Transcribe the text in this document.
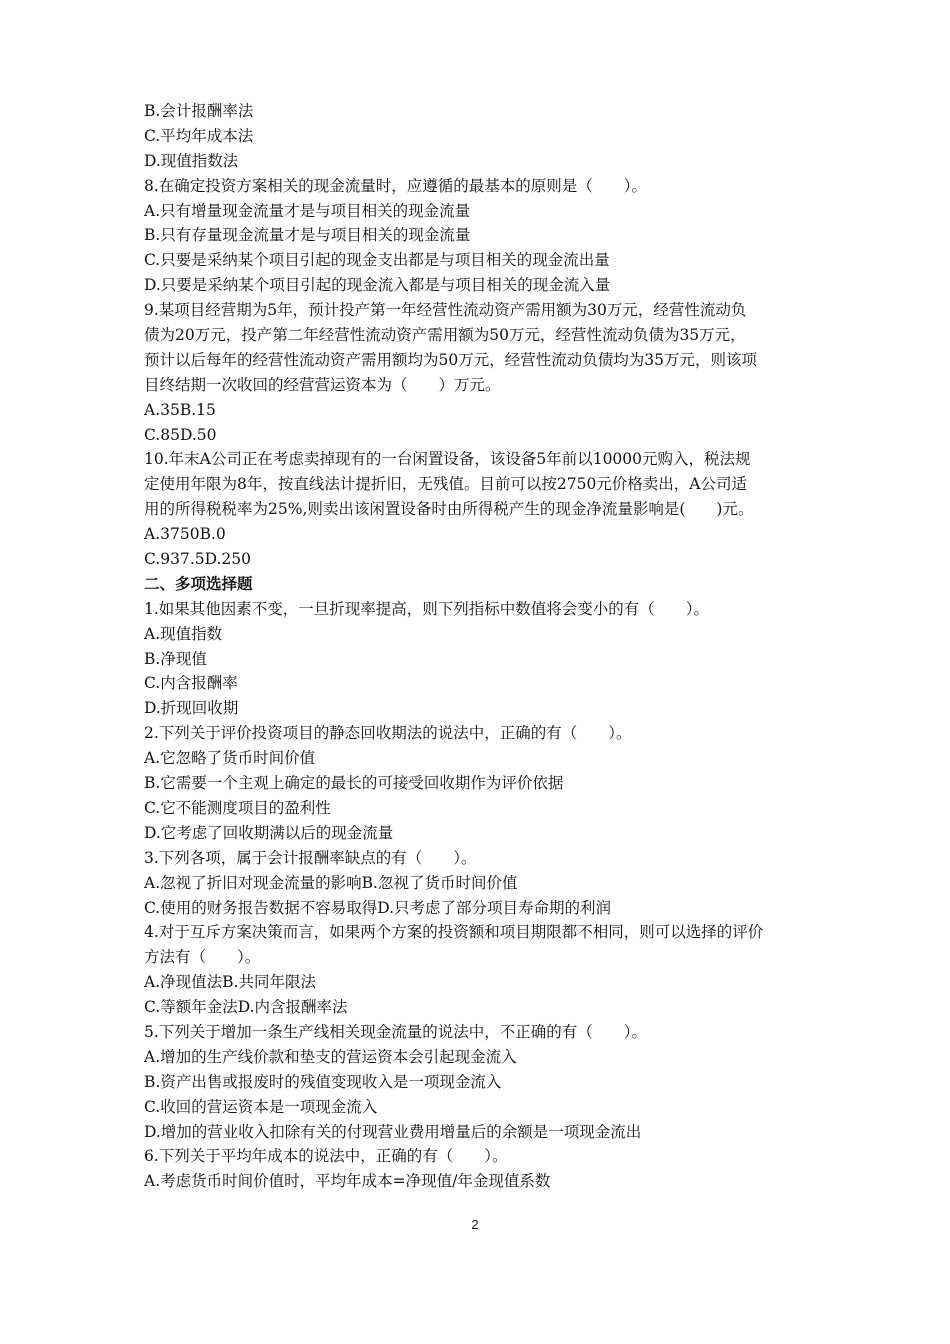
B.会计报酬率法
C.平均年成本法
D.现值指数法
8.在确定投资方案相关的现金流量时，应遵循的最基本的原则是（　　）。
A.只有增量现金流量才是与项目相关的现金流量
B.只有存量现金流量才是与项目相关的现金流量
C.只要是采纳某个项目引起的现金支出都是与项目相关的现金流出量
D.只要是采纳某个项目引起的现金流入都是与项目相关的现金流入量
9.某项目经营期为5年，预计投产第一年经营性流动资产需用额为30万元，经营性流动负
债为20万元，投产第二年经营性流动资产需用额为50万元，经营性流动负债为35万元，
预计以后每年的经营性流动资产需用额均为50万元，经营性流动负债均为35万元，则该项
目终结期一次收回的经营营运资本为（　　）万元。
A.35B.15
C.85D.50
10.年末A公司正在考虑卖掉现有的一台闲置设备，该设备5年前以10000元购入，税法规
定使用年限为8年，按直线法计提折旧，无残值。目前可以按2750元价格卖出，A公司适
用的所得税税率为25%,则卖出该闲置设备时由所得税产生的现金净流量影响是(　　)元。
A.3750B.0
C.937.5D.250
二、多项选择题
1.如果其他因素不变，一旦折现率提高，则下列指标中数值将会变小的有（　　）。
A.现值指数
B.净现值
C.内含报酬率
D.折现回收期
2.下列关于评价投资项目的静态回收期法的说法中，正确的有（　　）。
A.它忽略了货币时间价值
B.它需要一个主观上确定的最长的可接受回收期作为评价依据
C.它不能测度项目的盈利性
D.它考虑了回收期满以后的现金流量
3.下列各项，属于会计报酬率缺点的有（　　）。
A.忽视了折旧对现金流量的影响B.忽视了货币时间价值
C.使用的财务报告数据不容易取得D.只考虑了部分项目寿命期的利润
4.对于互斥方案决策而言，如果两个方案的投资额和项目期限都不相同，则可以选择的评价
方法有（　　）。
A.净现值法B.共同年限法
C.等额年金法D.内含报酬率法
5.下列关于增加一条生产线相关现金流量的说法中，不正确的有（　　）。
A.增加的生产线价款和垫支的营运资本会引起现金流入
B.资产出售或报废时的残值变现收入是一项现金流入
C.收回的营运资本是一项现金流入
D.增加的营业收入扣除有关的付现营业费用增量后的余额是一项现金流出
6.下列关于平均年成本的说法中，正确的有（　　）。
A.考虑货币时间价值时，平均年成本=净现值/年金现值系数
2
